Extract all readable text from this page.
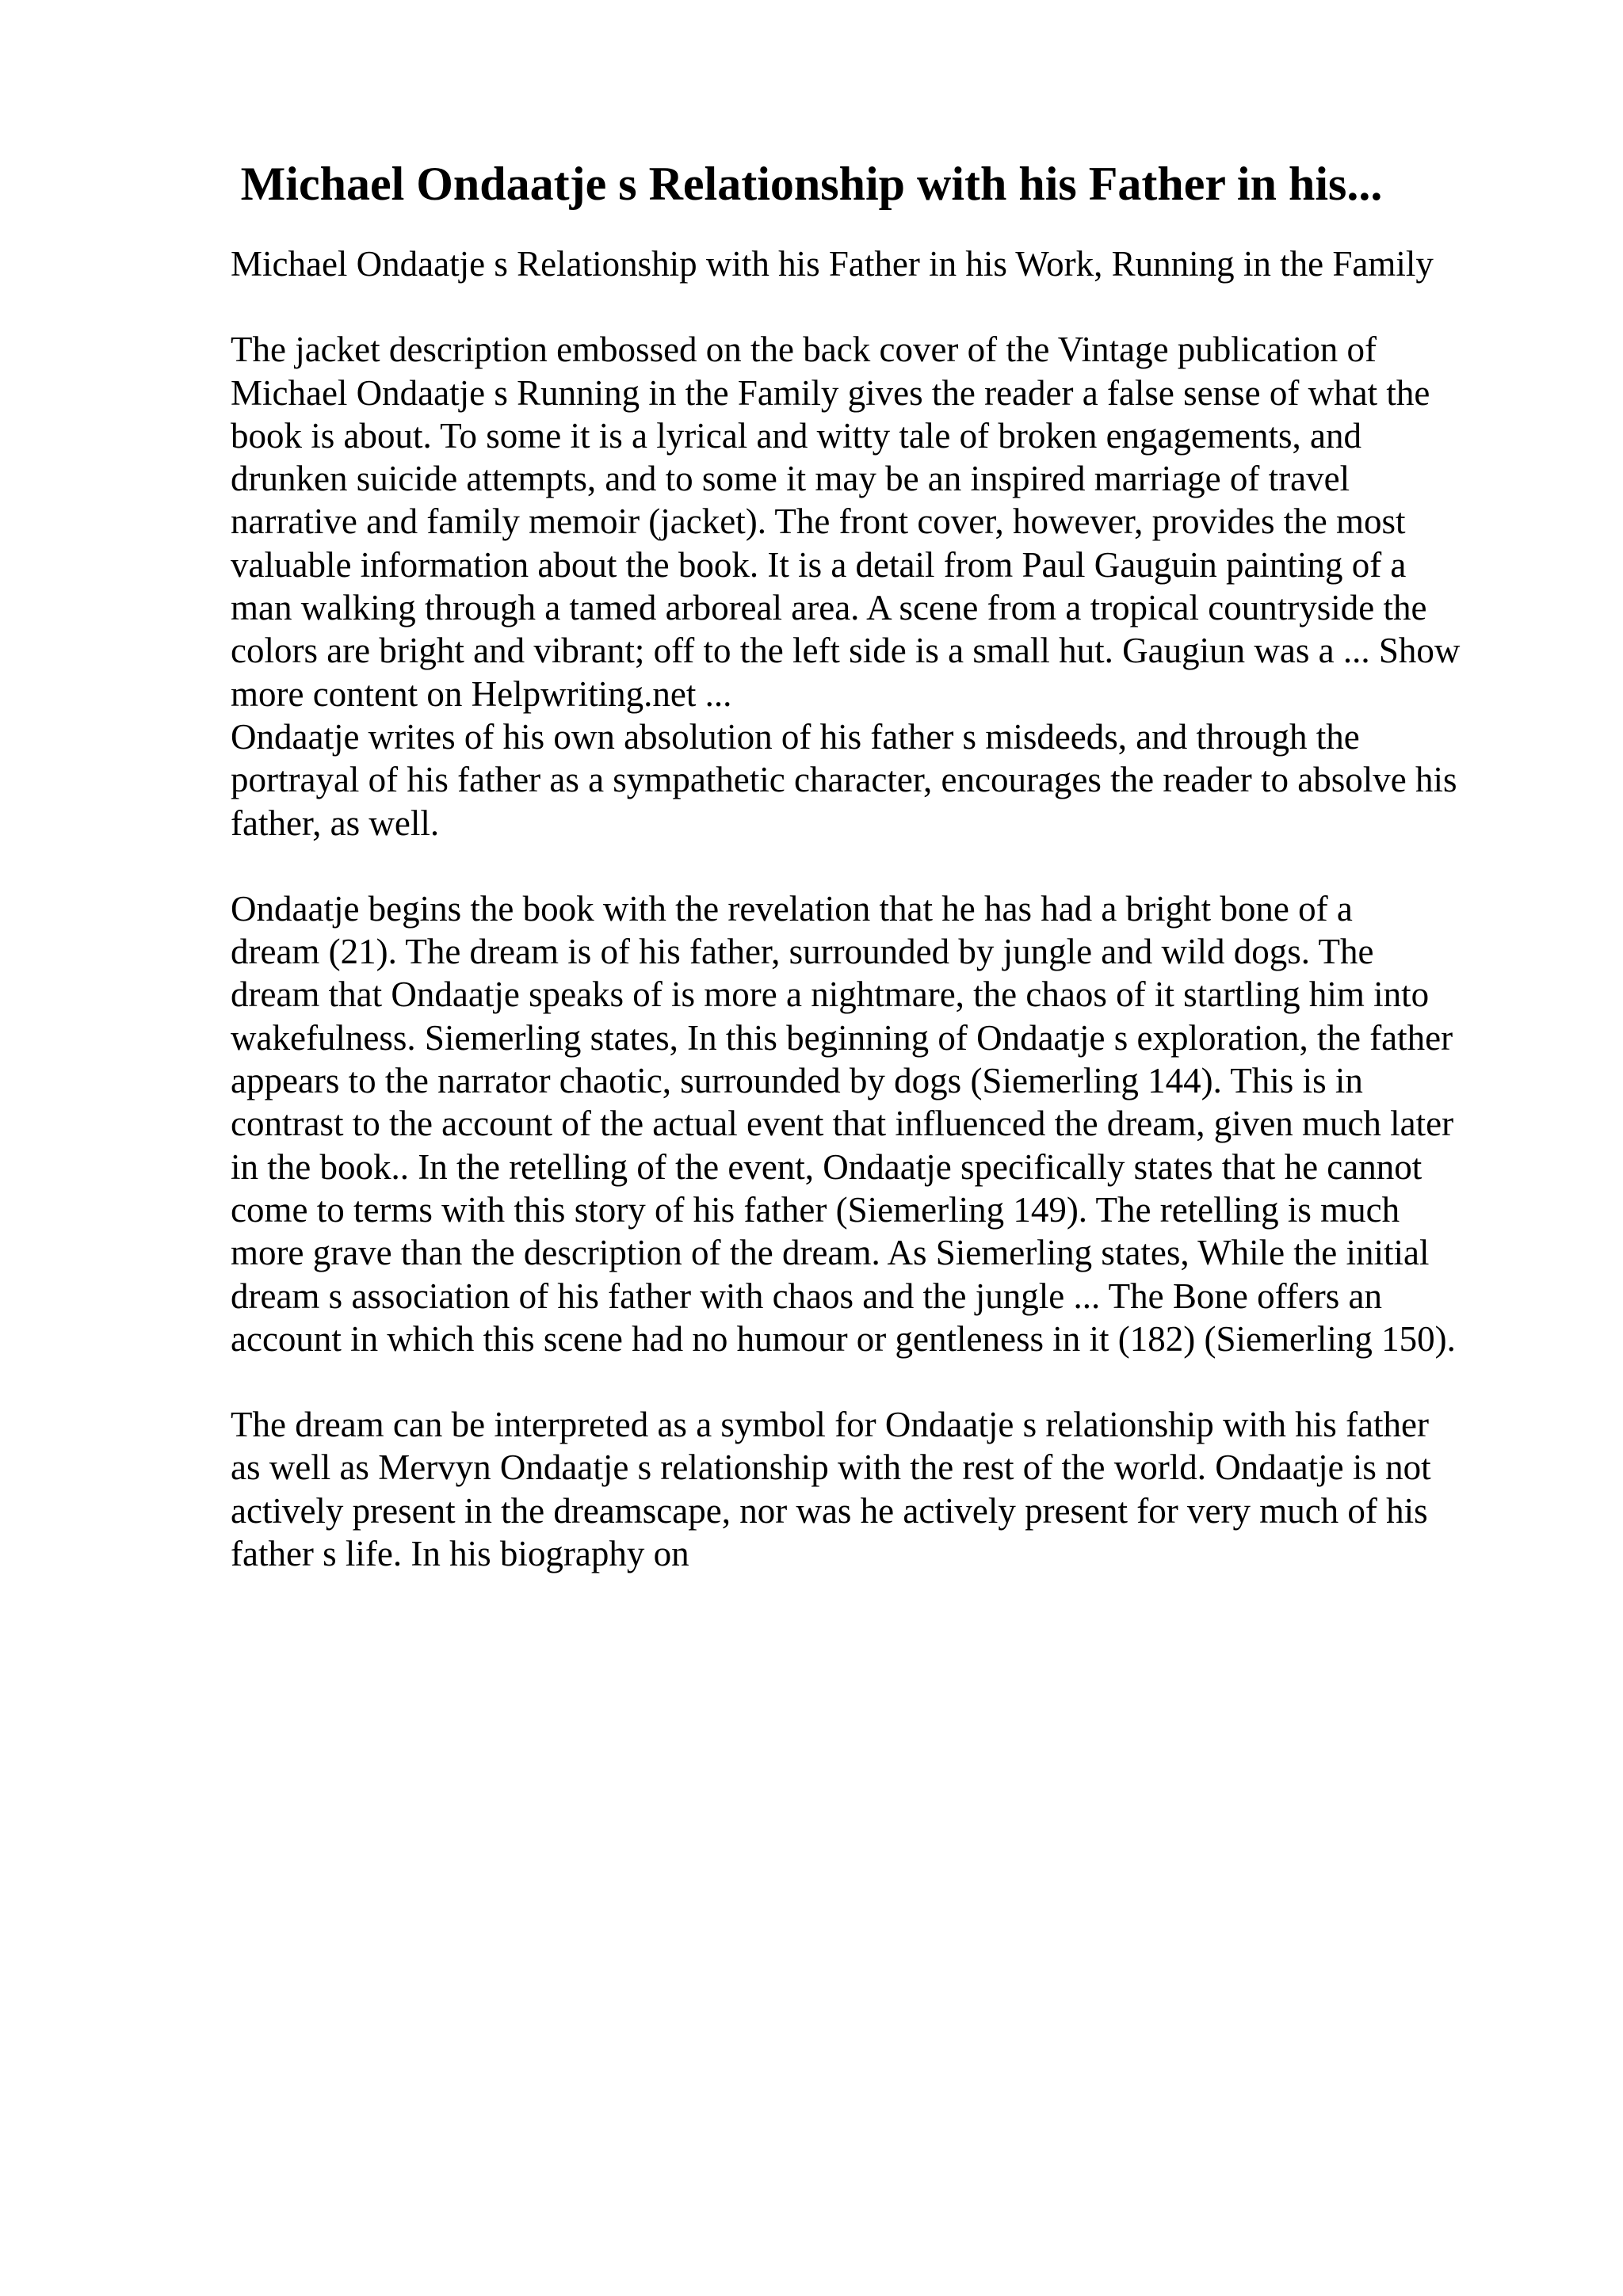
Michael Ondaatje s Relationship with his Father in his...

Michael Ondaatje s Relationship with his Father in his Work, Running in the Family

The jacket description embossed on the back cover of the Vintage publication of
Michael Ondaatje s Running in the Family gives the reader a false sense of what the
book is about. To some it is a lyrical and witty tale of broken engagements, and
drunken suicide attempts, and to some it may be an inspired marriage of travel
narrative and family memoir (jacket). The front cover, however, provides the most
valuable information about the book. It is a detail from Paul Gauguin painting of a
man walking through a tamed arboreal area. A scene from a tropical countryside the
colors are bright and vibrant; off to the left side is a small hut. Gaugiun was a ... Show
more content on Helpwriting.net ...

Ondaatje writes of his own absolution of his father s misdeeds, and through the
portrayal of his father as a sympathetic character, encourages the reader to absolve his
father, as well.

Ondaatje begins the book with the revelation that he has had a bright bone of a
dream (21). The dream is of his father, surrounded by jungle and wild dogs. The
dream that Ondaatje speaks of is more a nightmare, the chaos of it startling him into
wakefulness. Siemerling states, In this beginning of Ondaatje s exploration, the father
appears to the narrator chaotic, surrounded by dogs (Siemerling 144). This is in
contrast to the account of the actual event that influenced the dream, given much later
in the book.. In the retelling of the event, Ondaatje specifically states that he cannot
come to terms with this story of his father (Siemerling 149). The retelling is much
more grave than the description of the dream. As Siemerling states, While the initial
dream s association of his father with chaos and the jungle ... The Bone offers an
account in which this scene had no humour or gentleness in it (182) (Siemerling 150).

The dream can be interpreted as a symbol for Ondaatje s relationship with his father
as well as Mervyn Ondaatje s relationship with the rest of the world. Ondaatje is not
actively present in the dreamscape, nor was he actively present for very much of his
father s life. In his biography on
